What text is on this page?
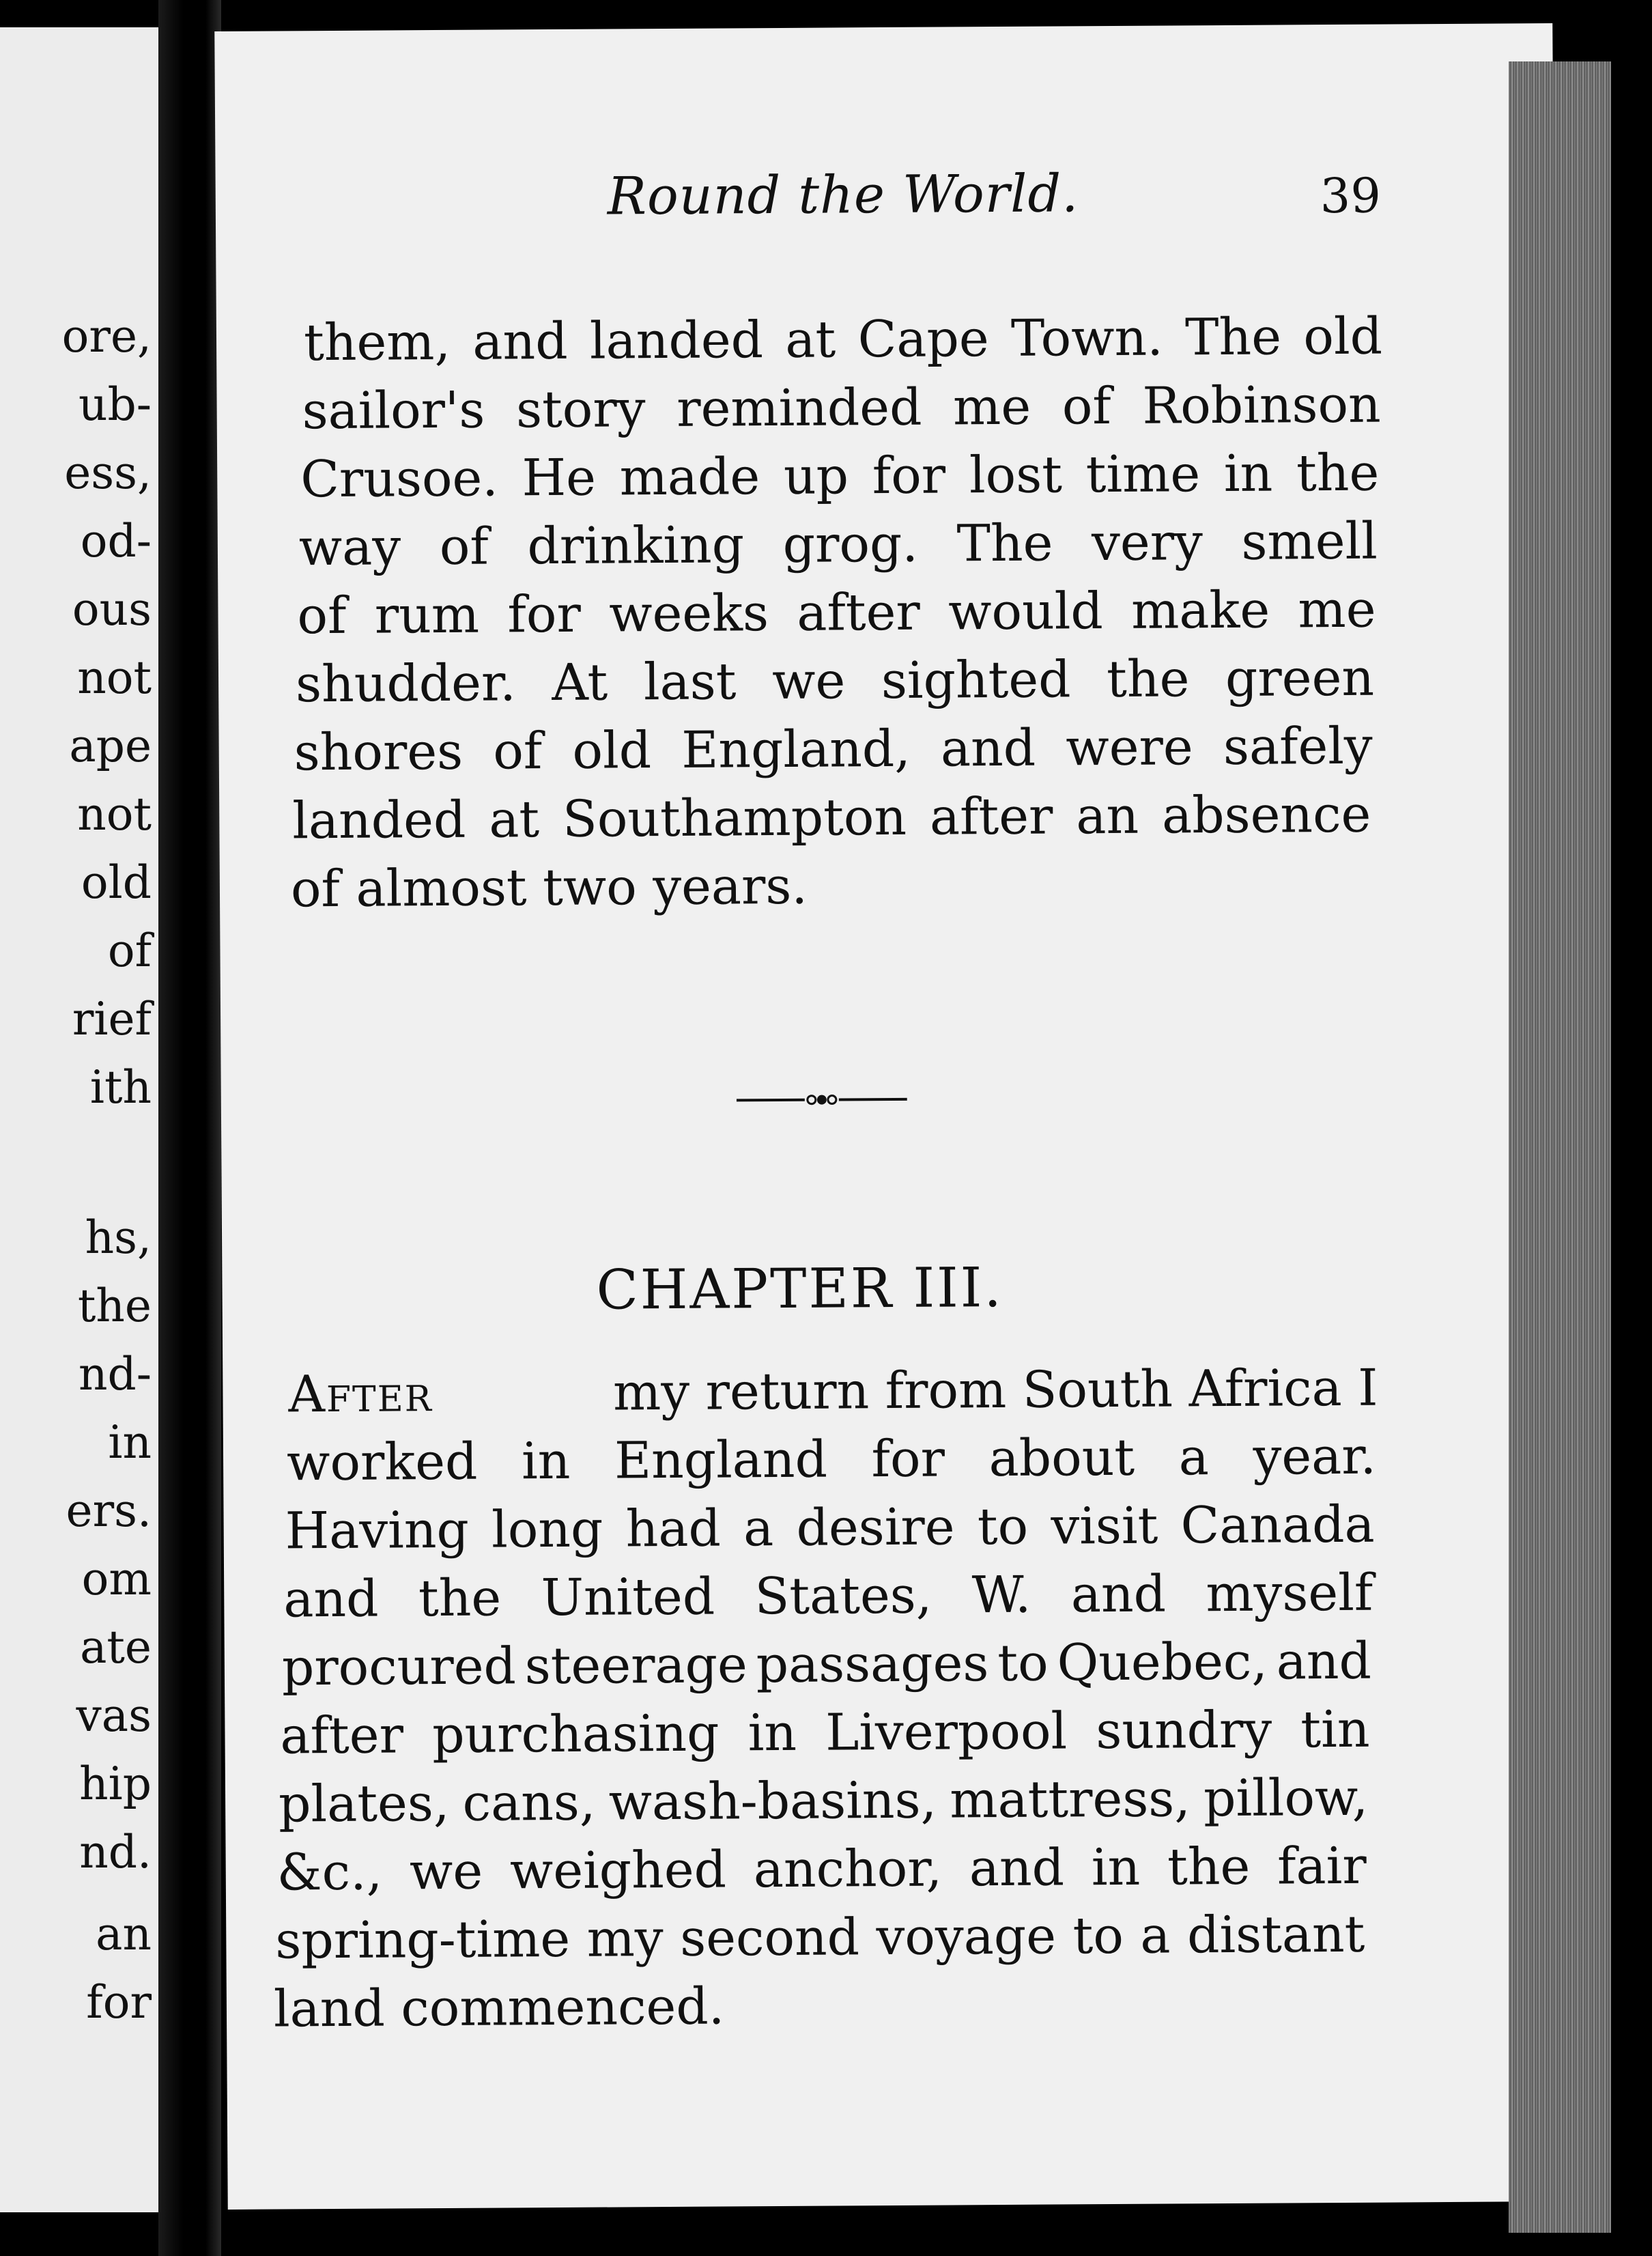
ore,
ub-
ess,
od-
ous
not
ape
not
old
of
rief
ith
hs,
the
nd-
in
ers.
om
ate
vas
hip
nd.
an
for
Round the World.	39
them, and landed at Cape Town. The old
sailor's story reminded me of Robinson
Crusoe. He made up for lost time in the
way of drinking grog. The very smell
of rum for weeks after would make me
shudder. At last we sighted the green
shores of old England, and were safely
landed at Southampton after an absence
of almost two years.
CHAPTER III.
After	my return from South Africa I
worked in England for about a year.
Having long had a desire to visit Canada
and the United States, W. and myself
procured steerage passages to Quebec, and
after purchasing in Liverpool sundry tin
plates, cans, wash-basins, mattress, pillow,
&c., we weighed anchor, and in the fair
spring-time my second voyage to a distant
land commenced.
